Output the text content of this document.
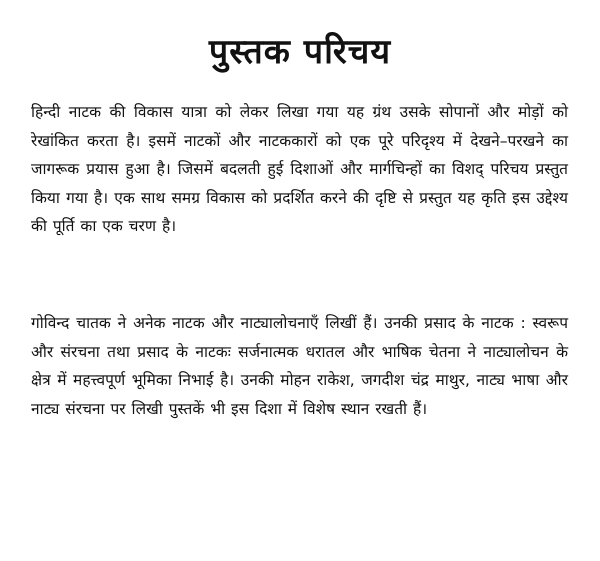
पुस्तक परिचय

हिन्दी नाटक की विकास यात्रा को लेकर लिखा गया यह ग्रंथ उसके सोपानों और मोड़ों को रेखांकित करता है। इसमें नाटकों और नाटककारों को एक पूरे परिदृश्य में देखने–परखने का जागरूक प्रयास हुआ है। जिसमें बदलती हुई दिशाओं और मार्गचिन्हों का विशद् परिचय प्रस्तुत किया गया है। एक साथ समग्र विकास को प्रदर्शित करने की दृष्टि से प्रस्तुत यह कृति इस उद्देश्य की पूर्ति का एक चरण है।

गोविन्द चातक ने अनेक नाटक और नाट्यालोचनाएँ लिखीं हैं। उनकी प्रसाद के नाटक : स्वरूप और संरचना तथा प्रसाद के नाटकः सर्जनात्मक धरातल और भाषिक चेतना ने नाट्यालोचन के क्षेत्र में महत्त्वपूर्ण भूमिका निभाई है। उनकी मोहन राकेश, जगदीश चंद्र माथुर, नाट्य भाषा और नाट्य संरचना पर लिखी पुस्तकें भी इस दिशा में विशेष स्थान रखती हैं।
